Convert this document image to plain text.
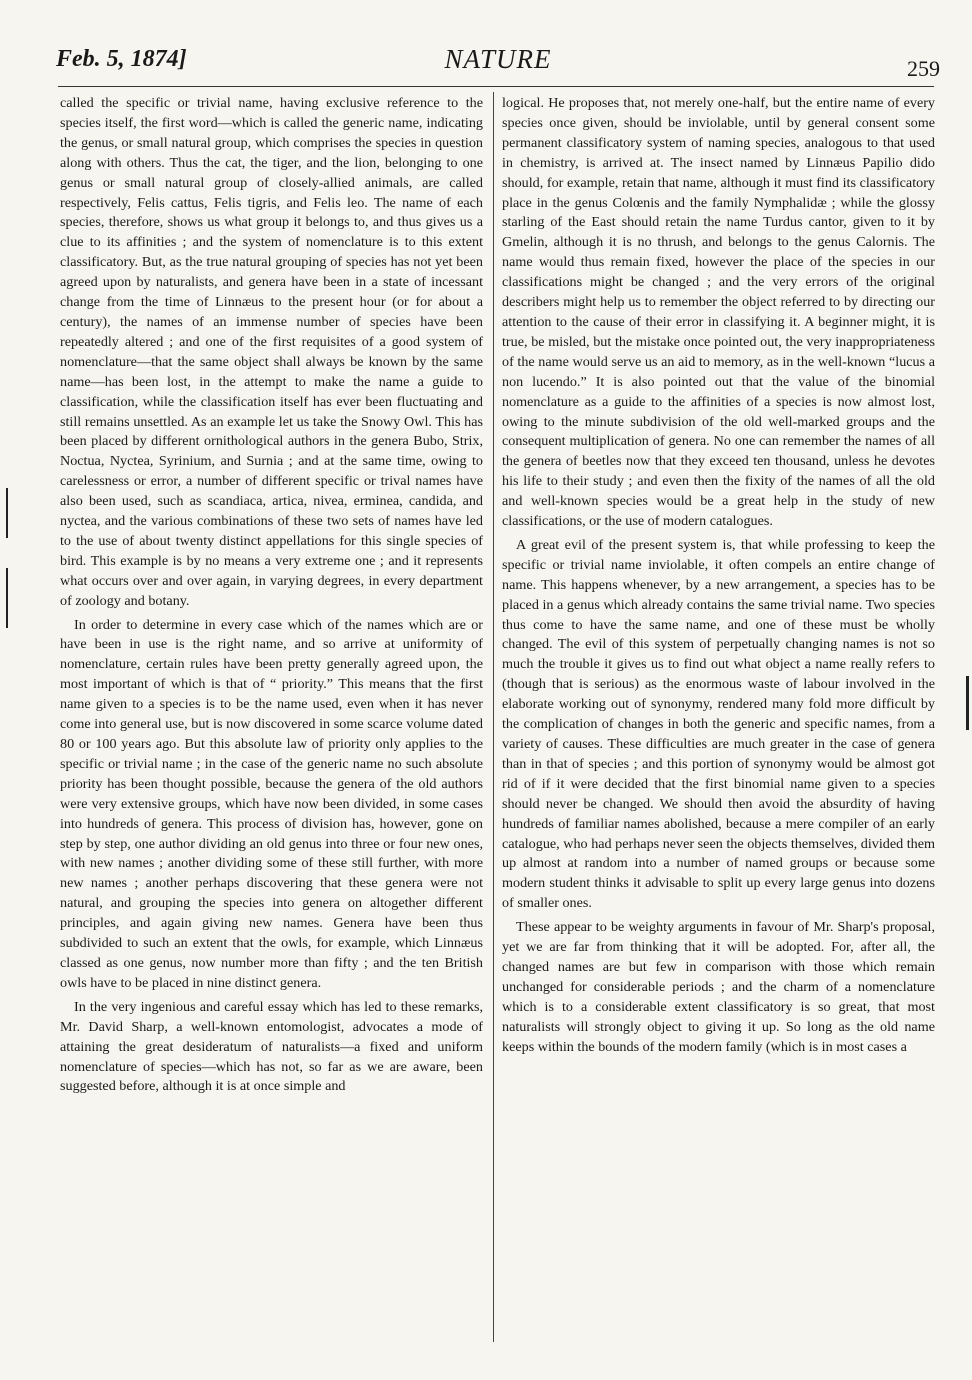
Feb. 5, 1874]	NATURE	259

called the specific or trivial name, having exclusive reference to the species itself, the first word—which is called the generic name, indicating the genus, or small natural group, which comprises the species in question along with others. Thus the cat, the tiger, and the lion, belonging to one genus or small natural group of closely-allied animals, are called respectively, Felis cattus, Felis tigris, and Felis leo. The name of each species, therefore, shows us what group it belongs to, and thus gives us a clue to its affinities ; and the system of nomenclature is to this extent classificatory. But, as the true natural grouping of species has not yet been agreed upon by naturalists, and genera have been in a state of incessant change from the time of Linnæus to the present hour (or for about a century), the names of an immense number of species have been repeatedly altered ; and one of the first requisites of a good system of nomenclature—that the same object shall always be known by the same name—has been lost, in the attempt to make the name a guide to classification, while the classification itself has ever been fluctuating and still remains unsettled. As an example let us take the Snowy Owl. This has been placed by different ornithological authors in the genera Bubo, Strix, Noctua, Nyctea, Syrinium, and Surnia ; and at the same time, owing to carelessness or error, a number of different specific or trival names have also been used, such as scandiaca, artica, nivea, erminea, candida, and nyctea, and the various combinations of these two sets of names have led to the use of about twenty distinct appellations for this single species of bird. This example is by no means a very extreme one ; and it represents what occurs over and over again, in varying degrees, in every department of zoology and botany.

In order to determine in every case which of the names which are or have been in use is the right name, and so arrive at uniformity of nomenclature, certain rules have been pretty generally agreed upon, the most important of which is that of “ priority.” This means that the first name given to a species is to be the name used, even when it has never come into general use, but is now discovered in some scarce volume dated 80 or 100 years ago. But this absolute law of priority only applies to the specific or trivial name ; in the case of the generic name no such absolute priority has been thought possible, because the genera of the old authors were very extensive groups, which have now been divided, in some cases into hundreds of genera. This process of division has, however, gone on step by step, one author dividing an old genus into three or four new ones, with new names ; another dividing some of these still further, with more new names ; another perhaps discovering that these genera were not natural, and grouping the species into genera on altogether different principles, and again giving new names. Genera have been thus subdivided to such an extent that the owls, for example, which Linnæus classed as one genus, now number more than fifty ; and the ten British owls have to be placed in nine distinct genera.

In the very ingenious and careful essay which has led to these remarks, Mr. David Sharp, a well-known entomologist, advocates a mode of attaining the great desideratum of naturalists—a fixed and uniform nomenclature of species—which has not, so far as we are aware, been suggested before, although it is at once simple and

logical. He proposes that, not merely one-half, but the entire name of every species once given, should be inviolable, until by general consent some permanent classificatory system of naming species, analogous to that used in chemistry, is arrived at. The insect named by Linnæus Papilio dido should, for example, retain that name, although it must find its classificatory place in the genus Colœnis and the family Nymphalidæ ; while the glossy starling of the East should retain the name Turdus cantor, given to it by Gmelin, although it is no thrush, and belongs to the genus Calornis. The name would thus remain fixed, however the place of the species in our classifications might be changed ; and the very errors of the original describers might help us to remember the object referred to by directing our attention to the cause of their error in classifying it. A beginner might, it is true, be misled, but the mistake once pointed out, the very inappropriateness of the name would serve us an aid to memory, as in the well-known “lucus a non lucendo.” It is also pointed out that the value of the binomial nomenclature as a guide to the affinities of a species is now almost lost, owing to the minute subdivision of the old well-marked groups and the consequent multiplication of genera. No one can remember the names of all the genera of beetles now that they exceed ten thousand, unless he devotes his life to their study ; and even then the fixity of the names of all the old and well-known species would be a great help in the study of new classifications, or the use of modern catalogues.

A great evil of the present system is, that while professing to keep the specific or trivial name inviolable, it often compels an entire change of name. This happens whenever, by a new arrangement, a species has to be placed in a genus which already contains the same trivial name. Two species thus come to have the same name, and one of these must be wholly changed. The evil of this system of perpetually changing names is not so much the trouble it gives us to find out what object a name really refers to (though that is serious) as the enormous waste of labour involved in the elaborate working out of synonymy, rendered many fold more difficult by the complication of changes in both the generic and specific names, from a variety of causes. These difficulties are much greater in the case of genera than in that of species ; and this portion of synonymy would be almost got rid of if it were decided that the first binomial name given to a species should never be changed. We should then avoid the absurdity of having hundreds of familiar names abolished, because a mere compiler of an early catalogue, who had perhaps never seen the objects themselves, divided them up almost at random into a number of named groups or because some modern student thinks it advisable to split up every large genus into dozens of smaller ones.

These appear to be weighty arguments in favour of Mr. Sharp's proposal, yet we are far from thinking that it will be adopted. For, after all, the changed names are but few in comparison with those which remain unchanged for considerable periods ; and the charm of a nomenclature which is to a considerable extent classificatory is so great, that most naturalists will strongly object to giving it up. So long as the old name keeps within the bounds of the modern family (which is in most cases a
